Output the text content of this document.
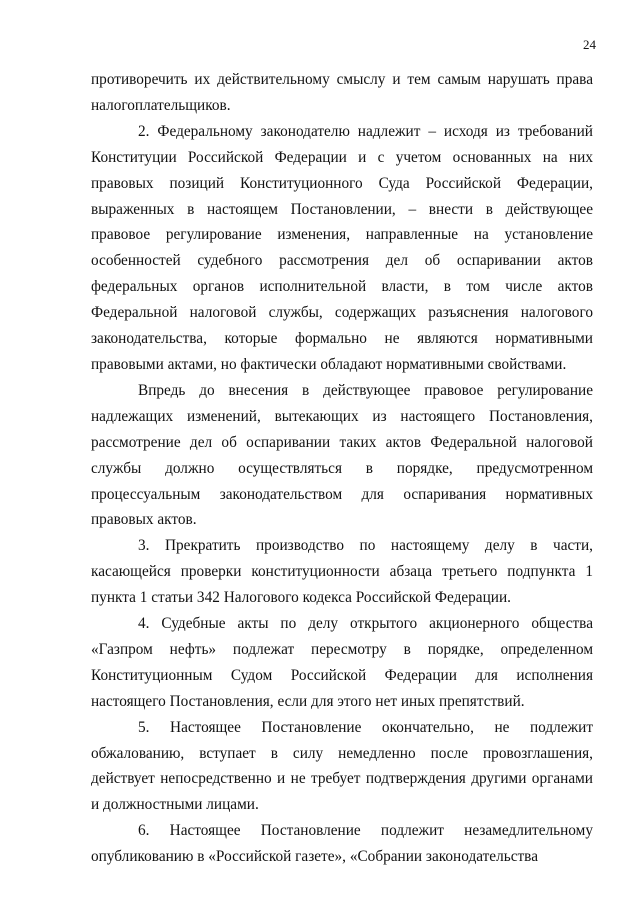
24

противоречить их действительному смыслу и тем самым нарушать права налогоплательщиков.

2. Федеральному законодателю надлежит – исходя из требований Конституции Российской Федерации и с учетом основанных на них правовых позиций Конституционного Суда Российской Федерации, выраженных в настоящем Постановлении, – внести в действующее правовое регулирование изменения, направленные на установление особенностей судебного рассмотрения дел об оспаривании актов федеральных органов исполнительной власти, в том числе актов Федеральной налоговой службы, содержащих разъяснения налогового законодательства, которые формально не являются нормативными правовыми актами, но фактически обладают нормативными свойствами.

Впредь до внесения в действующее правовое регулирование надлежащих изменений, вытекающих из настоящего Постановления, рассмотрение дел об оспаривании таких актов Федеральной налоговой службы должно осуществляться в порядке, предусмотренном процессуальным законодательством для оспаривания нормативных правовых актов.

3. Прекратить производство по настоящему делу в части, касающейся проверки конституционности абзаца третьего подпункта 1 пункта 1 статьи 342 Налогового кодекса Российской Федерации.

4. Судебные акты по делу открытого акционерного общества «Газпром нефть» подлежат пересмотру в порядке, определенном Конституционным Судом Российской Федерации для исполнения настоящего Постановления, если для этого нет иных препятствий.

5. Настоящее Постановление окончательно, не подлежит обжалованию, вступает в силу немедленно после провозглашения, действует непосредственно и не требует подтверждения другими органами и должностными лицами.

6. Настоящее Постановление подлежит незамедлительному опубликованию в «Российской газете», «Собрании законодательства
